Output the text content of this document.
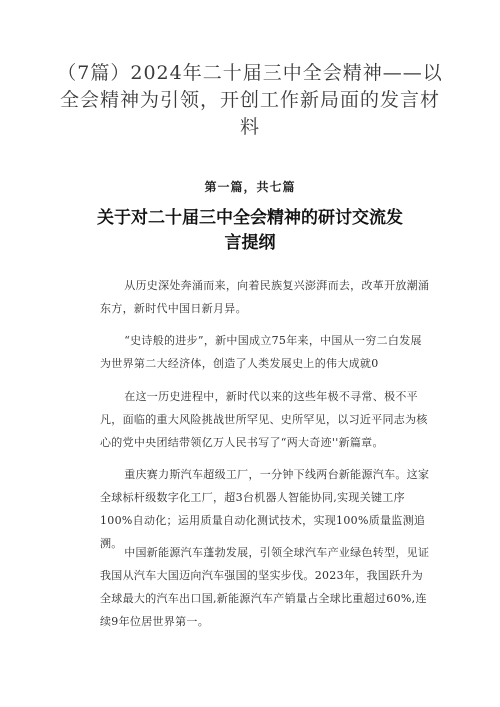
（7篇）2024年二十届三中全会精神——以全会精神为引领，开创工作新局面的发言材料
第一篇，共七篇
关于对二十届三中全会精神的研讨交流发言提纲

从历史深处奔涌而来，向着民族复兴澎湃而去，改革开放潮涌东方，新时代中国日新月异。

“史诗般的进步”，新中国成立75年来，中国从一穷二白发展为世界第二大经济体，创造了人类发展史上的伟大成就0

在这一历史进程中，新时代以来的这些年极不寻常、极不平凡，面临的重大风险挑战世所罕见、史所罕见，以习近平同志为核心的党中央团结带领亿万人民书写了“两大奇迹''新篇章。

重庆赛力斯汽车超级工厂，一分钟下线两台新能源汽车。这家全球标杆级数字化工厂，超3台机器人智能协同,实现关键工序100%自动化；运用质量自动化测试技术，实现100%质量监测追溯。

中国新能源汽车蓬勃发展，引领全球汽车产业绿色转型，见证我国从汽车大国迈向汽车强国的坚实步伐。2023年，我国跃升为全球最大的汽车出口国,新能源汽车产销量占全球比重超过60%,连续9年位居世界第一。
